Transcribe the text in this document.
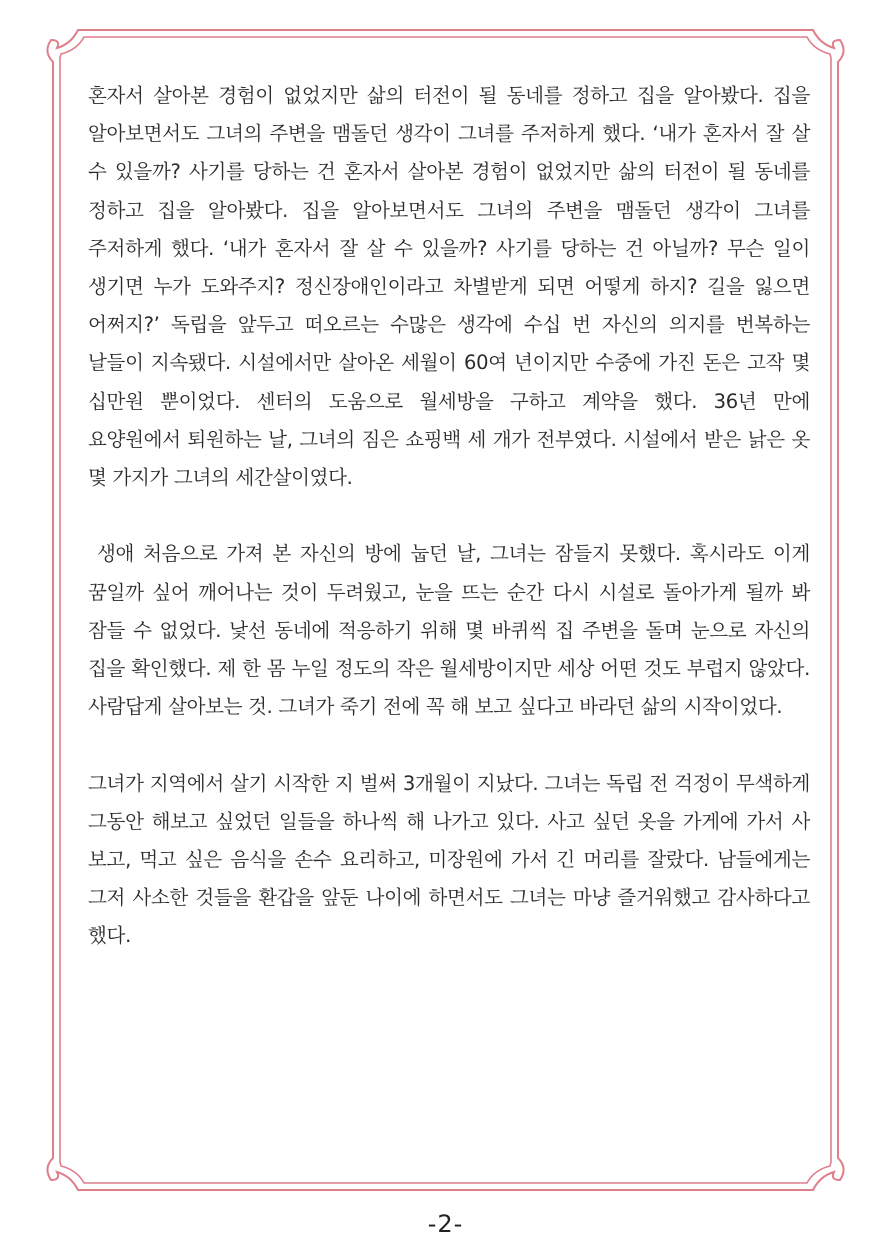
혼자서 살아본 경험이 없었지만 삶의 터전이 될 동네를 정하고 집을 알아봤다. 집을 알아보면서도 그녀의 주변을 맴돌던 생각이 그녀를 주저하게 했다. ‘내가 혼자서 잘 살 수 있을까? 사기를 당하는 건 혼자서 살아본 경험이 없었지만 삶의 터전이 될 동네를 정하고 집을 알아봤다. 집을 알아보면서도 그녀의 주변을 맴돌던 생각이 그녀를 주저하게 했다. ‘내가 혼자서 잘 살 수 있을까? 사기를 당하는 건 아닐까? 무슨 일이 생기면 누가 도와주지? 정신장애인이라고 차별받게 되면 어떻게 하지? 길을 잃으면 어쩌지?’ 독립을 앞두고 떠오르는 수많은 생각에 수십 번 자신의 의지를 번복하는 날들이 지속됐다. 시설에서만 살아온 세월이 60여 년이지만 수중에 가진 돈은 고작 몇 십만원 뿐이었다. 센터의 도움으로 월세방을 구하고 계약을 했다. 36년 만에 요양원에서 퇴원하는 날, 그녀의 짐은 쇼핑백 세 개가 전부였다. 시설에서 받은 낡은 옷 몇 가지가 그녀의 세간살이였다.

생애 처음으로 가져 본 자신의 방에 눕던 날, 그녀는 잠들지 못했다. 혹시라도 이게 꿈일까 싶어 깨어나는 것이 두려웠고, 눈을 뜨는 순간 다시 시설로 돌아가게 될까 봐 잠들 수 없었다. 낯선 동네에 적응하기 위해 몇 바퀴씩 집 주변을 돌며 눈으로 자신의 집을 확인했다. 제 한 몸 누일 정도의 작은 월세방이지만 세상 어떤 것도 부럽지 않았다. 사람답게 살아보는 것. 그녀가 죽기 전에 꼭 해 보고 싶다고 바라던 삶의 시작이었다.

그녀가 지역에서 살기 시작한 지 벌써 3개월이 지났다. 그녀는 독립 전 걱정이 무색하게 그동안 해보고 싶었던 일들을 하나씩 해 나가고 있다. 사고 싶던 옷을 가게에 가서 사 보고, 먹고 싶은 음식을 손수 요리하고, 미장원에 가서 긴 머리를 잘랐다. 남들에게는 그저 사소한 것들을 환갑을 앞둔 나이에 하면서도 그녀는 마냥 즐거워했고 감사하다고 했다.

-2-
